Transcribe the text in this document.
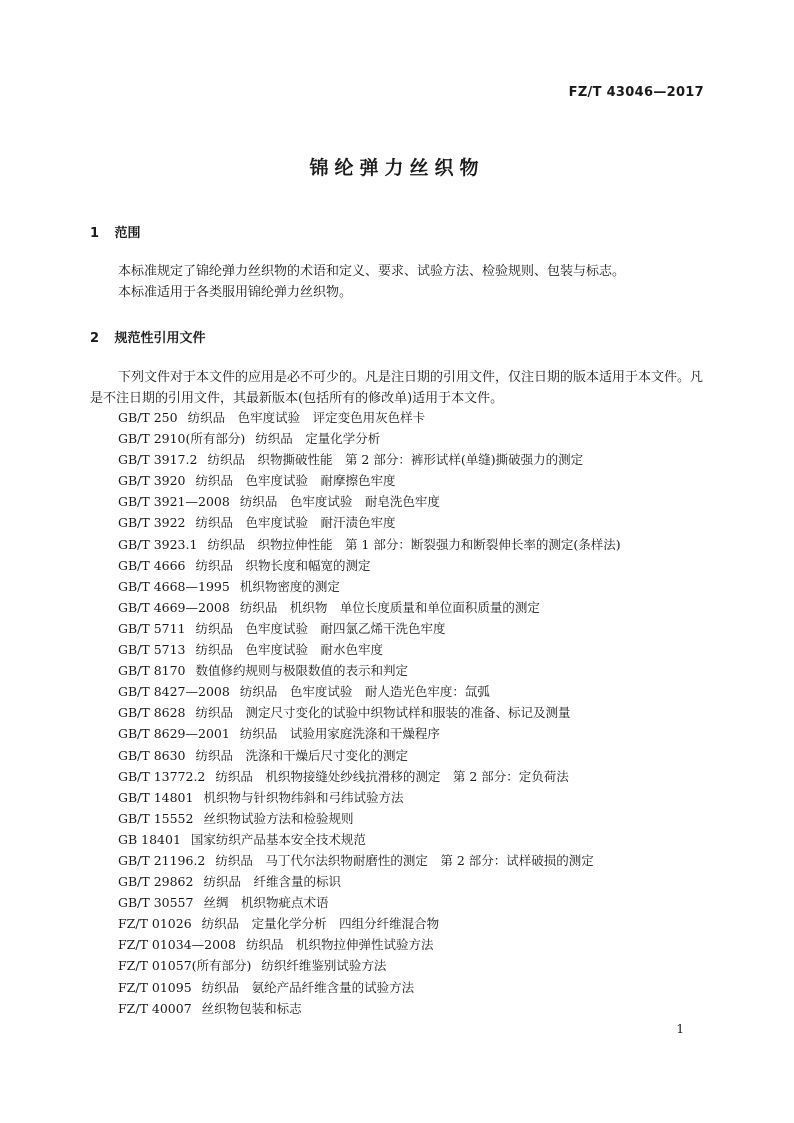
FZ/T 43046—2017
锦纶弹力丝织物
1 范围

本标准规定了锦纶弹力丝织物的术语和定义、要求、试验方法、检验规则、包装与标志。

本标准适用于各类服用锦纶弹力丝织物。

2 规范性引用文件

下列文件对于本文件的应用是必不可少的。凡是注日期的引用文件，仅注日期的版本适用于本文件。凡是不注日期的引用文件，其最新版本(包括所有的修改单)适用于本文件。

GB/T 250 纺织品　色牢度试验　评定变色用灰色样卡
GB/T 2910(所有部分) 纺织品　定量化学分析
GB/T 3917.2 纺织品　织物撕破性能　第 2 部分：裤形试样(单缝)撕破强力的测定
GB/T 3920 纺织品　色牢度试验　耐摩擦色牢度
GB/T 3921—2008 纺织品　色牢度试验　耐皂洗色牢度
GB/T 3922 纺织品　色牢度试验　耐汗渍色牢度
GB/T 3923.1 纺织品　织物拉伸性能　第 1 部分：断裂强力和断裂伸长率的测定(条样法)
GB/T 4666 纺织品　织物长度和幅宽的测定
GB/T 4668—1995 机织物密度的测定
GB/T 4669—2008 纺织品　机织物　单位长度质量和单位面积质量的测定
GB/T 5711 纺织品　色牢度试验　耐四氯乙烯干洗色牢度
GB/T 5713 纺织品　色牢度试验　耐水色牢度
GB/T 8170 数值修约规则与极限数值的表示和判定
GB/T 8427—2008 纺织品　色牢度试验　耐人造光色牢度：氙弧
GB/T 8628 纺织品　测定尺寸变化的试验中织物试样和服装的准备、标记及测量
GB/T 8629—2001 纺织品　试验用家庭洗涤和干燥程序
GB/T 8630 纺织品　洗涤和干燥后尺寸变化的测定
GB/T 13772.2 纺织品　机织物接缝处纱线抗滑移的测定　第 2 部分：定负荷法
GB/T 14801 机织物与针织物纬斜和弓纬试验方法
GB/T 15552 丝织物试验方法和检验规则
GB 18401 国家纺织产品基本安全技术规范
GB/T 21196.2 纺织品　马丁代尔法织物耐磨性的测定　第 2 部分：试样破损的测定
GB/T 29862 纺织品　纤维含量的标识
GB/T 30557 丝绸　机织物疵点术语
FZ/T 01026 纺织品　定量化学分析　四组分纤维混合物
FZ/T 01034—2008 纺织品　机织物拉伸弹性试验方法
FZ/T 01057(所有部分) 纺织纤维鉴别试验方法
FZ/T 01095 纺织品　氨纶产品纤维含量的试验方法
FZ/T 40007 丝织物包装和标志
1
